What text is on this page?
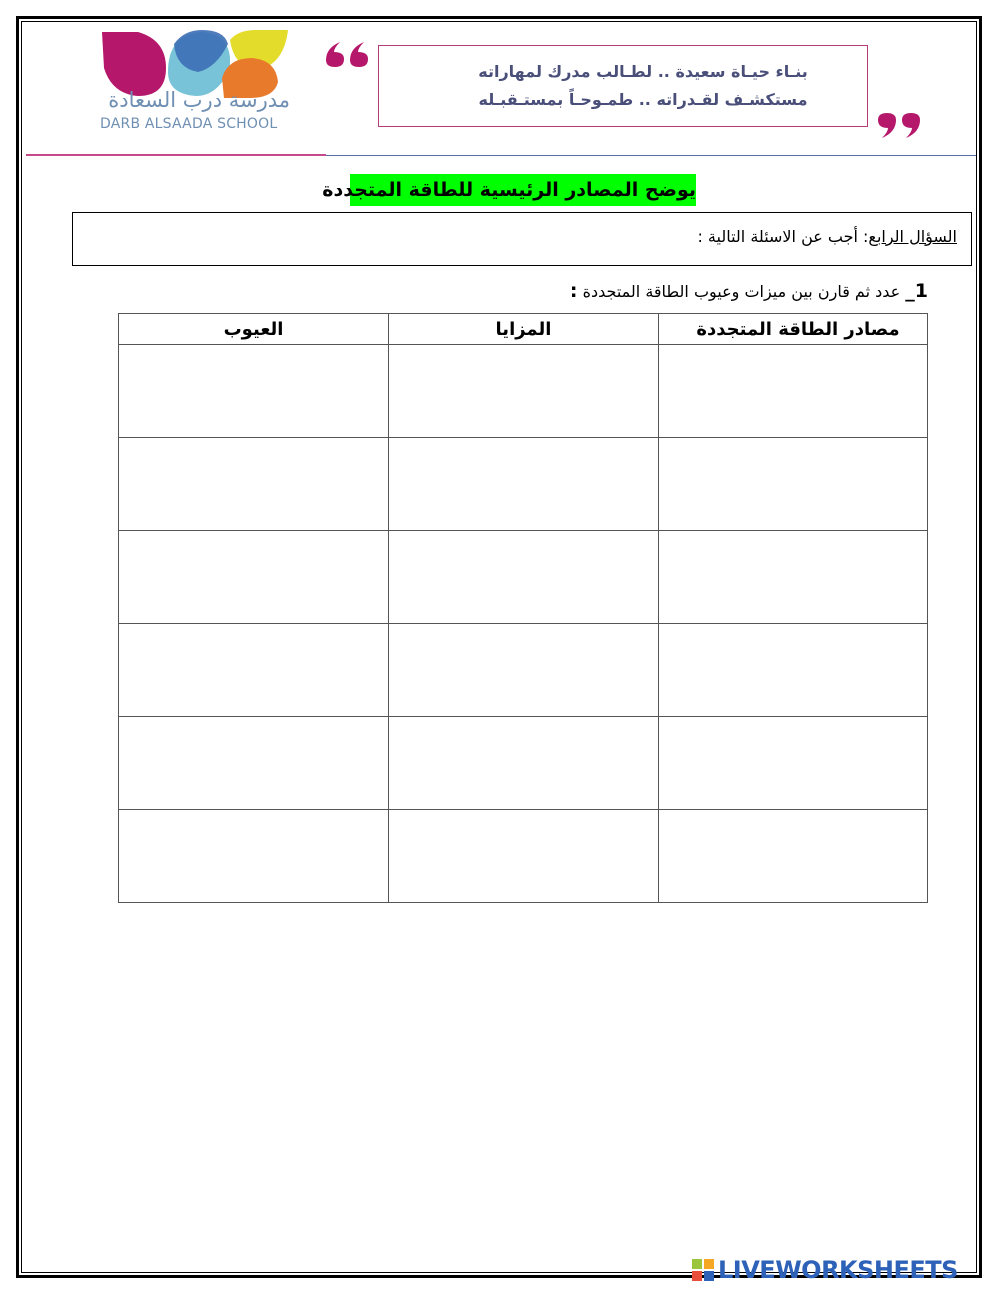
مدرسة درب السعادة
DARB ALSAADA SCHOOL
بنـاء حيـاة سعيدة .. لطـالب مدرك لمهاراته
مستكشـف لقـدراته .. طمـوحـاً بمستـقبـله
يوضح المصادر الرئيسية للطاقة المتجددة
السؤال الرابع: أجب عن الاسئلة التالية :
1_ عدد ثم قارن بين ميزات وعيوب الطاقة المتجددة :
مصادر الطاقة المتجددة	المزايا	العيوب

LIVEWORKSHEETS
